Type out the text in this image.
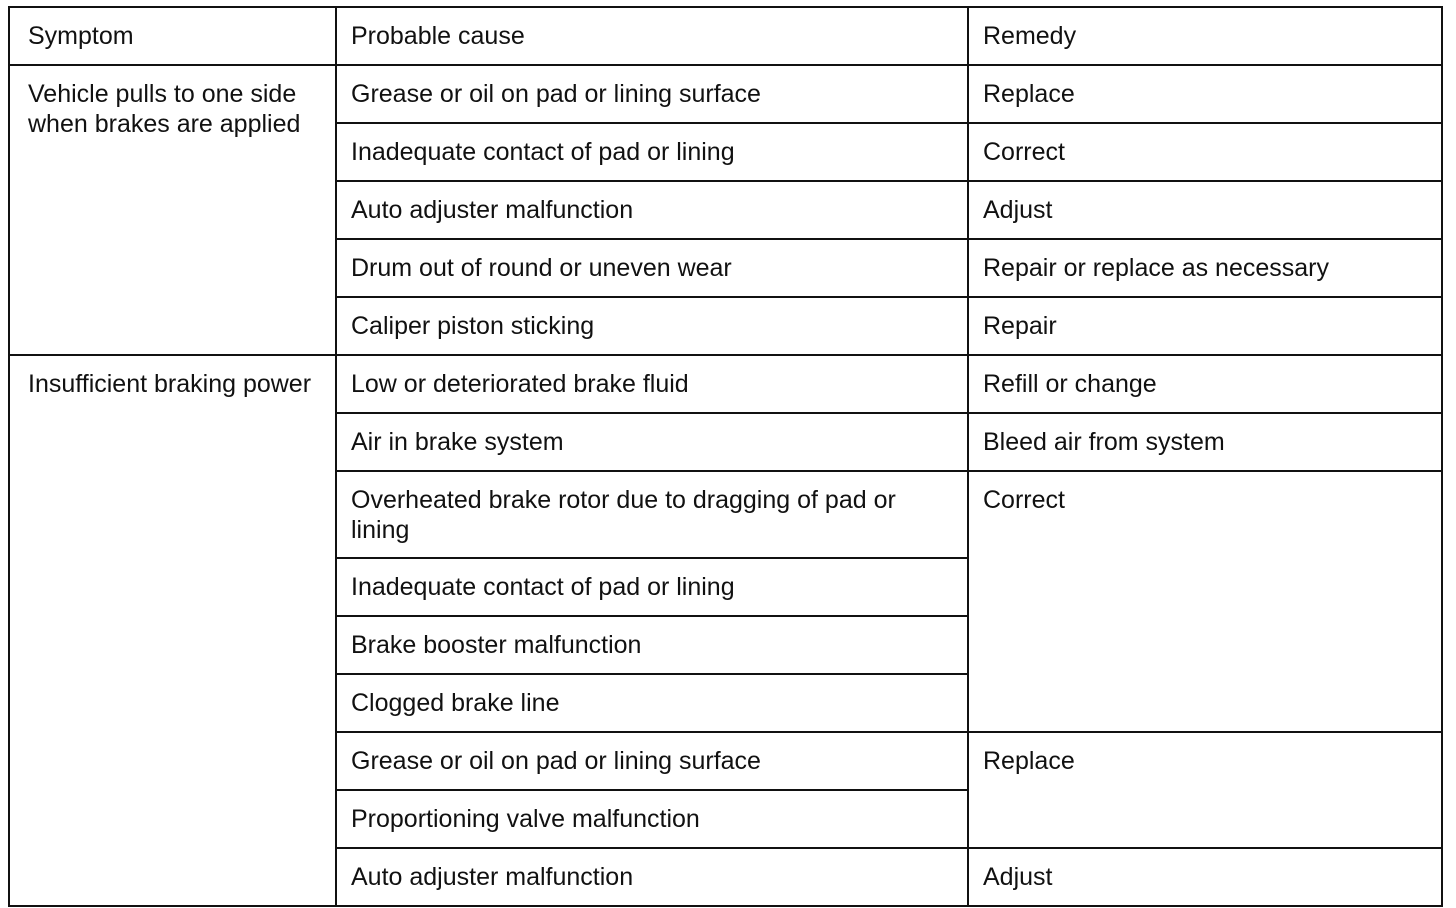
Symptom	Probable cause	Remedy
Vehicle pulls to one side when brakes are applied	Grease or oil on pad or lining surface	Replace
	Inadequate contact of pad or lining	Correct
	Auto adjuster malfunction	Adjust
	Drum out of round or uneven wear	Repair or replace as necessary
	Caliper piston sticking	Repair
Insufficient braking power	Low or deteriorated brake fluid	Refill or change
	Air in brake system	Bleed air from system
	Overheated brake rotor due to dragging of pad or lining	Correct
	Inadequate contact of pad or lining	
	Brake booster malfunction	
	Clogged brake line	
	Grease or oil on pad or lining surface	Replace
	Proportioning valve malfunction	
	Auto adjuster malfunction	Adjust
